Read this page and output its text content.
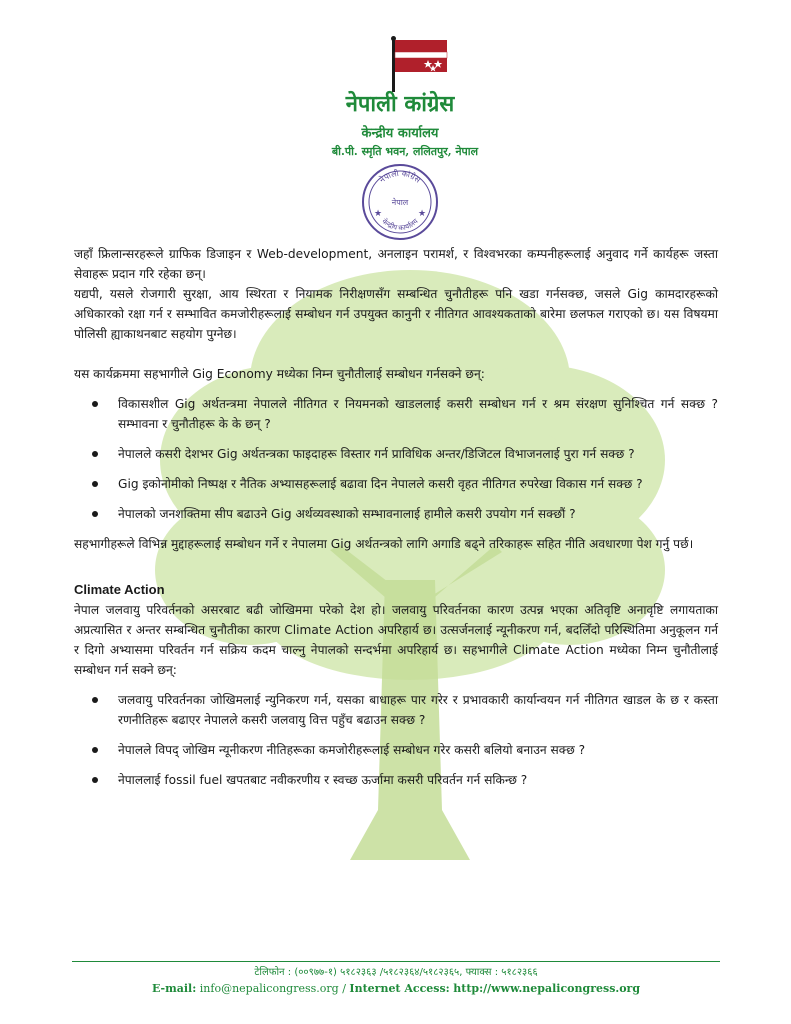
नेपाली कांग्रेस
केन्द्रीय कार्यालय
बी.पी. स्मृति भवन, ललितपुर, नेपाल
नेपाली कांग्रेस
नेपाल
केन्द्रीय कार्यालय
★	★

जहाँ फ्रिलान्सरहरूले ग्राफिक डिजाइन र Web-development, अनलाइन परामर्श, र विश्वभरका कम्पनीहरूलाई अनुवाद गर्ने कार्यहरू जस्ता सेवाहरू प्रदान गरि रहेका छन्।

यद्यपी, यसले रोजगारी सुरक्षा, आय स्थिरता र नियामक निरीक्षणसँग सम्बन्धित चुनौतीहरू पनि खडा गर्नसक्छ, जसले Gig कामदारहरूको अधिकारको रक्षा गर्न र सम्भावित कमजोरीहरूलाई सम्बोधन गर्न उपयुक्त कानुनी र नीतिगत आवश्यकताको बारेमा छलफल गराएको छ। यस विषयमा पोलिसी ह्याकाथनबाट सहयोग पुग्नेछ।

यस कार्यक्रममा सहभागीले Gig Economy मध्येका निम्न चुनौतीलाई सम्बोधन गर्नसक्ने छन्:

विकासशील Gig अर्थतन्त्रमा नेपालले नीतिगत र नियमनको खाडललाई कसरी सम्बोधन गर्न र श्रम संरक्षण सुनिश्चित गर्न सक्छ ? सम्भावना र चुनौतीहरू के के छन् ?
नेपालले कसरी देशभर Gig अर्थतन्त्रका फाइदाहरू विस्तार गर्न प्राविधिक अन्तर/डिजिटल विभाजनलाई पुरा गर्न सक्छ ?
Gig इकोनोमीको निष्पक्ष र नैतिक अभ्यासहरूलाई बढावा दिन नेपालले कसरी वृहत नीतिगत रुपरेखा विकास गर्न सक्छ ?
नेपालको जनशक्तिमा सीप बढाउने Gig अर्थव्यवस्थाको सम्भावनालाई हामीले कसरी उपयोग गर्न सक्छौं ?

सहभागीहरूले विभिन्न मुद्दाहरूलाई सम्बोधन गर्ने र नेपालमा Gig अर्थतन्त्रको लागि अगाडि बढ्ने तरिकाहरू सहित नीति अवधारणा पेश गर्नु पर्छ।

Climate Action

नेपाल जलवायु परिवर्तनको असरबाट बढी जोखिममा परेको देश हो। जलवायु परिवर्तनका कारण उत्पन्न भएका अतिवृष्टि अनावृष्टि लगायताका अप्रत्यासित र अन्तर सम्बन्धित चुनौतीका कारण Climate Action अपरिहार्य छ। उत्सर्जनलाई न्यूनीकरण गर्न, बदलिँदो परिस्थितिमा अनुकूलन गर्न र दिगो अभ्यासमा परिवर्तन गर्न सक्रिय कदम चाल्नु नेपालको सन्दर्भमा अपरिहार्य छ। सहभागीले Climate Action मध्येका निम्न चुनौतीलाई सम्बोधन गर्न सक्ने छन्:

जलवायु परिवर्तनका जोखिमलाई न्युनिकरण गर्न, यसका बाधाहरू पार गरेर र प्रभावकारी कार्यान्वयन गर्न नीतिगत खाडल के छ र कस्ता रणनीतिहरू बढाएर नेपालले कसरी जलवायु वित्त पहुँच बढाउन सक्छ ?
नेपालले विपद् जोखिम न्यूनीकरण नीतिहरूका कमजोरीहरूलाई सम्बोधन गरेर कसरी बलियो बनाउन सक्छ ?
नेपाललाई fossil fuel खपतबाट नवीकरणीय र स्वच्छ ऊर्जामा कसरी परिवर्तन गर्न सकिन्छ ?
टेलिफोन : (००९७७-१) ५१८२३६३ /५१८२३६४/५१८२३६५, फ्याक्स : ५१८२३६६
E-mail: info@nepalicongress.org / Internet Access: http://www.nepalicongress.org
